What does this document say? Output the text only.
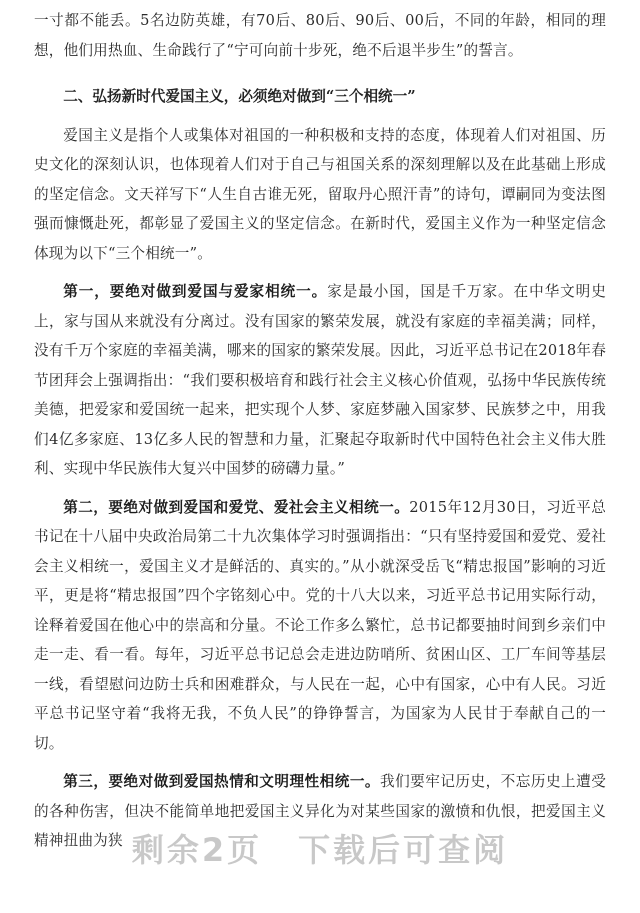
一寸都不能丢。5名边防英雄，有70后、80后、90后、00后，不同的年龄，相同的理想，他们用热血、生命践行了“宁可向前十步死，绝不后退半步生”的誓言。

二、弘扬新时代爱国主义，必须绝对做到“三个相统一”

爱国主义是指个人或集体对祖国的一种积极和支持的态度，体现着人们对祖国、历史文化的深刻认识，也体现着人们对于自己与祖国关系的深刻理解以及在此基础上形成的坚定信念。文天祥写下“人生自古谁无死，留取丹心照汗青”的诗句，谭嗣同为变法图强而慷慨赴死，都彰显了爱国主义的坚定信念。在新时代，爱国主义作为一种坚定信念体现为以下“三个相统一”。

第一，要绝对做到爱国与爱家相统一。家是最小国，国是千万家。在中华文明史上，家与国从来就没有分离过。没有国家的繁荣发展，就没有家庭的幸福美满；同样，没有千万个家庭的幸福美满，哪来的国家的繁荣发展。因此，习近平总书记在2018年春节团拜会上强调指出：“我们要积极培育和践行社会主义核心价值观，弘扬中华民族传统美德，把爱家和爱国统一起来，把实现个人梦、家庭梦融入国家梦、民族梦之中，用我们4亿多家庭、13亿多人民的智慧和力量，汇聚起夺取新时代中国特色社会主义伟大胜利、实现中华民族伟大复兴中国梦的磅礴力量。”

第二，要绝对做到爱国和爱党、爱社会主义相统一。2015年12月30日，习近平总书记在十八届中央政治局第二十九次集体学习时强调指出：“只有坚持爱国和爱党、爱社会主义相统一，爱国主义才是鲜活的、真实的。”从小就深受岳飞“精忠报国”影响的习近平，更是将“精忠报国”四个字铭刻心中。党的十八大以来，习近平总书记用实际行动，诠释着爱国在他心中的崇高和分量。不论工作多么繁忙，总书记都要抽时间到乡亲们中走一走、看一看。每年，习近平总书记总会走进边防哨所、贫困山区、工厂车间等基层一线，看望慰问边防士兵和困难群众，与人民在一起，心中有国家，心中有人民。习近平总书记坚守着“我将无我，不负人民”的铮铮誓言，为国家为人民甘于奉献自己的一切。

第三，要绝对做到爱国热情和文明理性相统一。我们要牢记历史，不忘历史上遭受的各种伤害，但决不能简单地把爱国主义异化为对某些国家的激愤和仇恨，把爱国主义精神扭曲为狭 剩余2页 下载后可查阅
